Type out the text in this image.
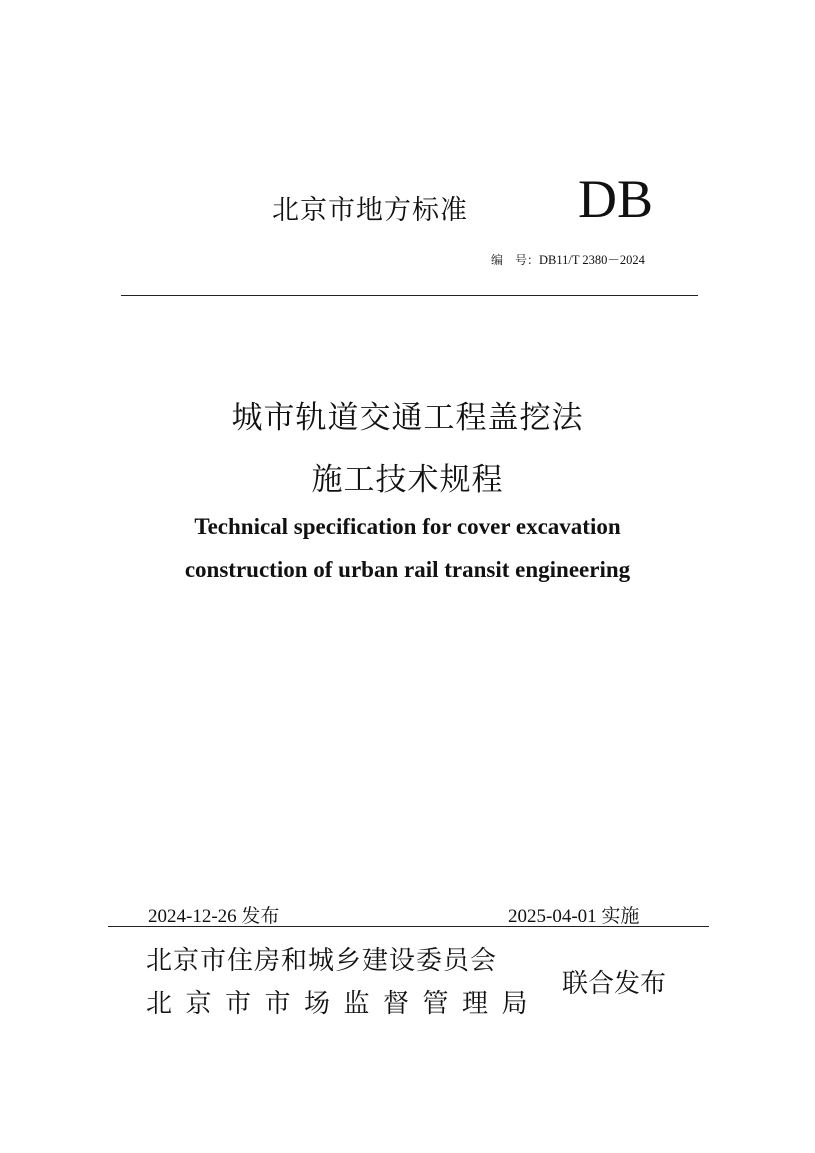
北京市地方标准 DB
编　号：DB11/T 2380－2024
城市轨道交通工程盖挖法
施工技术规程
Technical specification for cover excavation
construction of urban rail transit engineering
2024-12-26 发布	2025-04-01 实施
北京市住房和城乡建设委员会
北京市市场监督管理局
联合发布
